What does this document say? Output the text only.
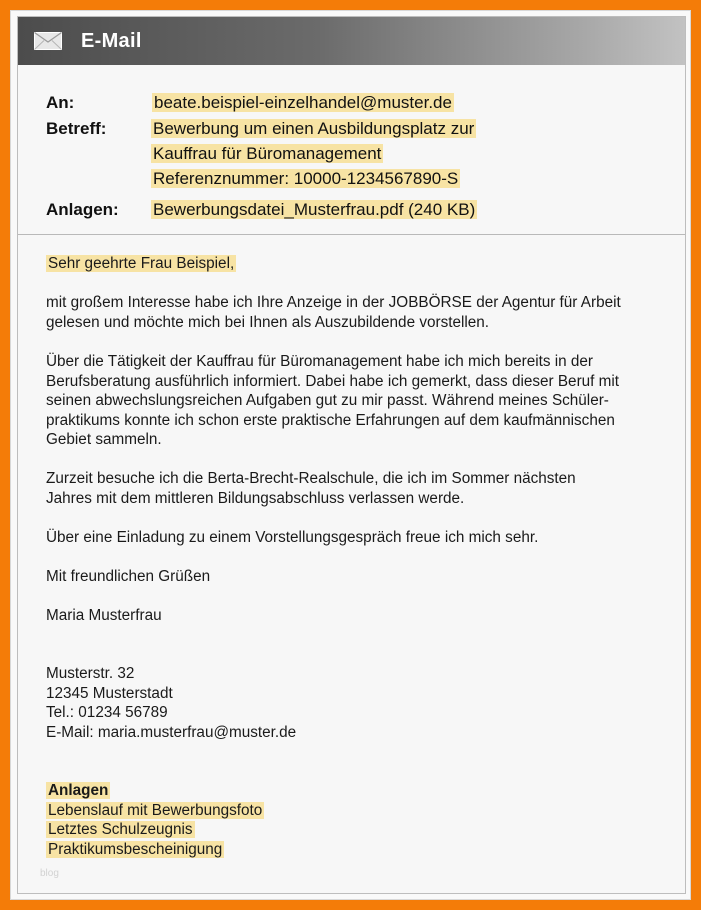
E-Mail
An:	beate.beispiel-einzelhandel@muster.de
Betreff:	Bewerbung um einen Ausbildungsplatz zur
Kauffrau für Büromanagement
Referenznummer: 10000-1234567890-S
Anlagen: Bewerbungsdatei_Musterfrau.pdf (240 KB)
Sehr geehrte Frau Beispiel,

mit großem Interesse habe ich Ihre Anzeige in der JOBBÖRSE der Agentur für Arbeit

gelesen und möchte mich bei Ihnen als Auszubildende vorstellen.

Über die Tätigkeit der Kauffrau für Büromanagement habe ich mich bereits in der

Berufsberatung ausführlich informiert. Dabei habe ich gemerkt, dass dieser Beruf mit

seinen abwechslungsreichen Aufgaben gut zu mir passt. Während meines Schüler-

praktikums konnte ich schon erste praktische Erfahrungen auf dem kaufmännischen

Gebiet sammeln.

Zurzeit besuche ich die Berta-Brecht-Realschule, die ich im Sommer nächsten

Jahres mit dem mittleren Bildungsabschluss verlassen werde.

Über eine Einladung zu einem Vorstellungsgespräch freue ich mich sehr.

Mit freundlichen Grüßen

Maria Musterfrau

Musterstr. 32

12345 Musterstadt

Tel.: 01234 56789

E-Mail: maria.musterfrau@muster.de

Anlagen

Lebenslauf mit Bewerbungsfoto

Letztes Schulzeugnis

Praktikumsbescheinigung

blog
